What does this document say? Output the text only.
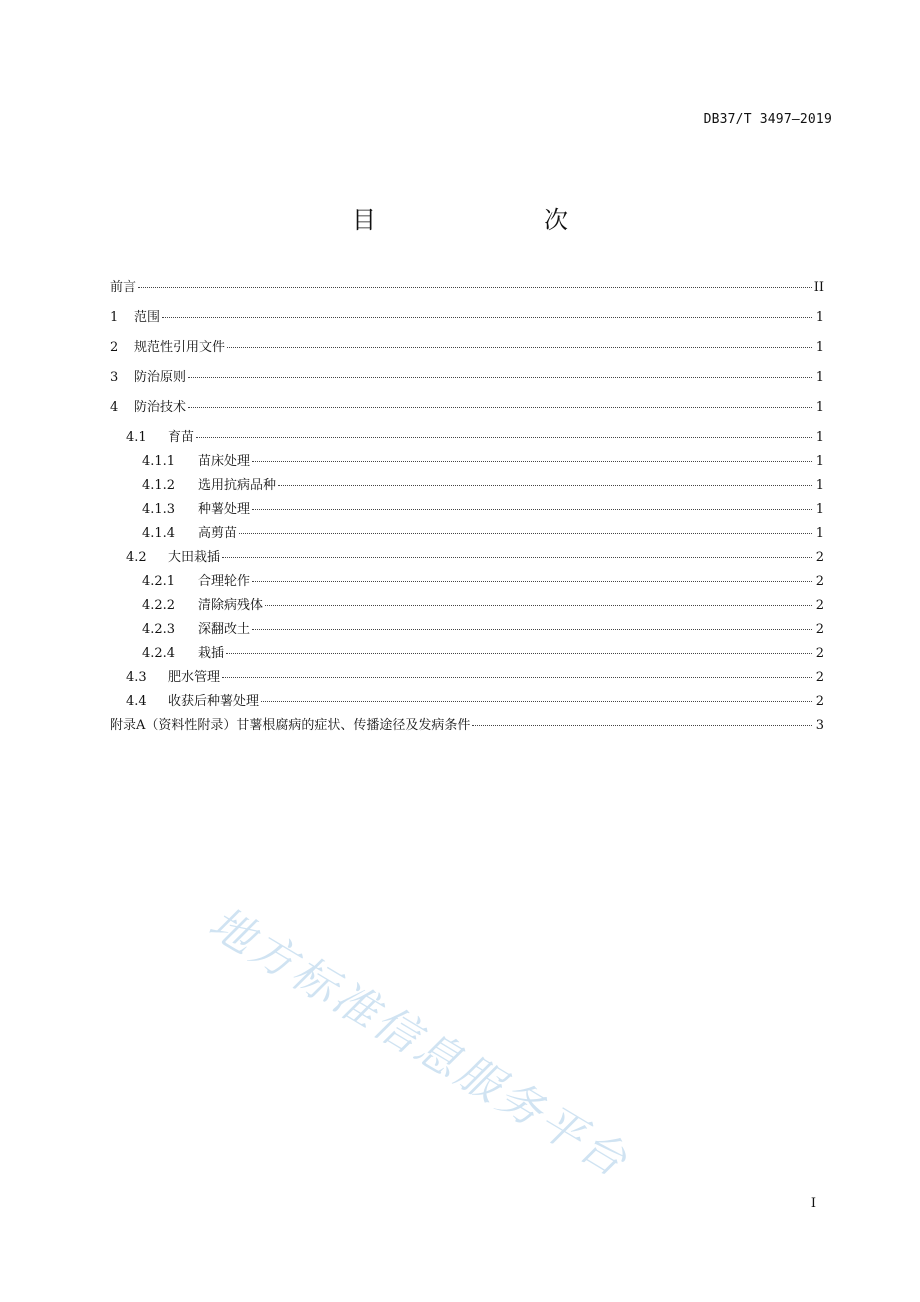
DB37/T 3497—2019
目　　次
前言	II
1	范围	1
2	规范性引用文件	1
3	防治原则	1
4	防治技术	1
4.1	育苗	1
4.1.1	苗床处理	1
4.1.2	选用抗病品种	1
4.1.3	种薯处理	1
4.1.4	高剪苗	1
4.2	大田栽插	2
4.2.1	合理轮作	2
4.2.2	清除病残体	2
4.2.3	深翻改土	2
4.2.4	栽插	2
4.3	肥水管理	2
4.4	收获后种薯处理	2
附录A（资料性附录）甘薯根腐病的症状、传播途径及发病条件	3
地方标准信息服务平台
I
